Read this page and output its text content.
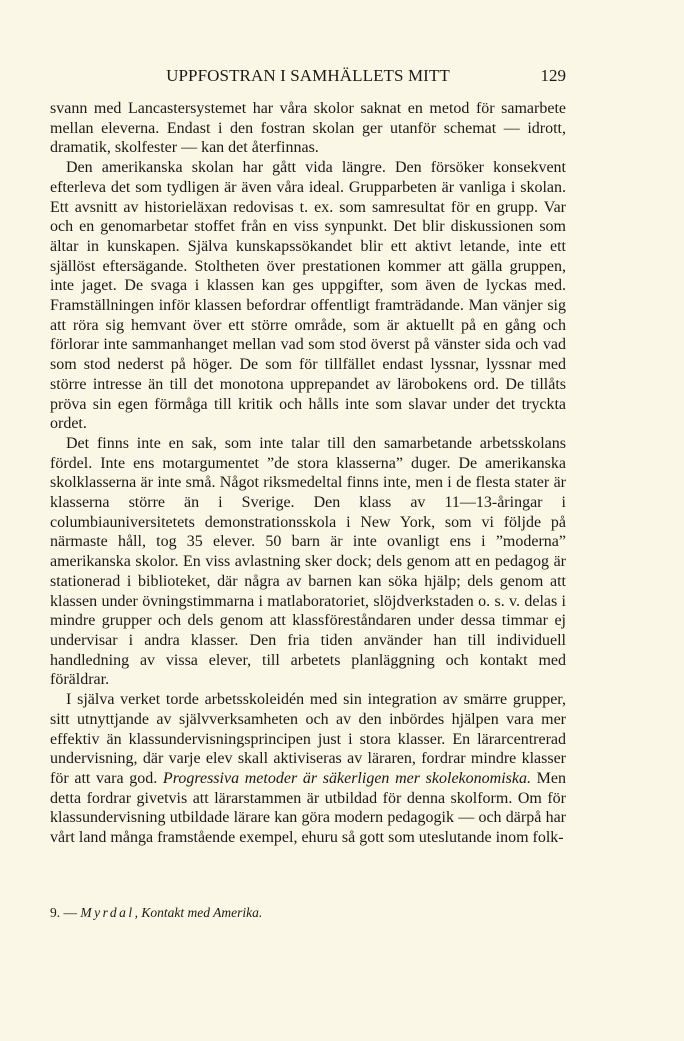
UPPFOSTRAN I SAMHÄLLETS MITT	129

svann med Lancastersystemet har våra skolor saknat en metod för samarbete mellan eleverna. Endast i den fostran skolan ger utanför schemat — idrott, dramatik, skolfester — kan det återfinnas.

Den amerikanska skolan har gått vida längre. Den försöker konsekvent efterleva det som tydligen är även våra ideal. Grupparbeten är vanliga i skolan. Ett avsnitt av historieläxan redovisas t. ex. som samresultat för en grupp. Var och en genomarbetar stoffet från en viss synpunkt. Det blir diskussionen som ältar in kunskapen. Själva kunskapssökandet blir ett aktivt letande, inte ett själlöst eftersägande. Stoltheten över prestationen kommer att gälla gruppen, inte jaget. De svaga i klassen kan ges uppgifter, som även de lyckas med. Framställningen inför klassen befordrar offentligt framträdande. Man vänjer sig att röra sig hemvant över ett större område, som är aktuellt på en gång och förlorar inte sammanhanget mellan vad som stod överst på vänster sida och vad som stod nederst på höger. De som för tillfället endast lyssnar, lyssnar med större intresse än till det monotona upprepandet av lärobokens ord. De tillåts pröva sin egen förmåga till kritik och hålls inte som slavar under det tryckta ordet.

Det finns inte en sak, som inte talar till den samarbetande arbetsskolans fördel. Inte ens motargumentet ”de stora klasserna” duger. De amerikanska skolklasserna är inte små. Något riksmedeltal finns inte, men i de flesta stater är klasserna större än i Sverige. Den klass av 11—13-åringar i columbiauniversitetets demonstrationsskola i New York, som vi följde på närmaste håll, tog 35 elever. 50 barn är inte ovanligt ens i ”moderna” amerikanska skolor. En viss avlastning sker dock; dels genom att en pedagog är stationerad i biblioteket, där några av barnen kan söka hjälp; dels genom att klassen under övningstimmarna i matlaboratoriet, slöjdverkstaden o. s. v. delas i mindre grupper och dels genom att klassföreståndaren under dessa timmar ej undervisar i andra klasser. Den fria tiden använder han till individuell handledning av vissa elever, till arbetets planläggning och kontakt med föräldrar.

I själva verket torde arbetsskoleidén med sin integration av smärre grupper, sitt utnyttjande av självverksamheten och av den inbördes hjälpen vara mer effektiv än klassundervisningsprincipen just i stora klasser. En lärarcentrerad undervisning, där varje elev skall aktiviseras av läraren, fordrar mindre klasser för att vara god. Progressiva metoder är säkerligen mer skolekonomiska. Men detta fordrar givetvis att lärarstammen är utbildad för denna skolform. Om för klassundervisning utbildade lärare kan göra modern pedagogik — och därpå har vårt land många framstående exempel, ehuru så gott som uteslutande inom folk-

9. — Myrdal, Kontakt med Amerika.
